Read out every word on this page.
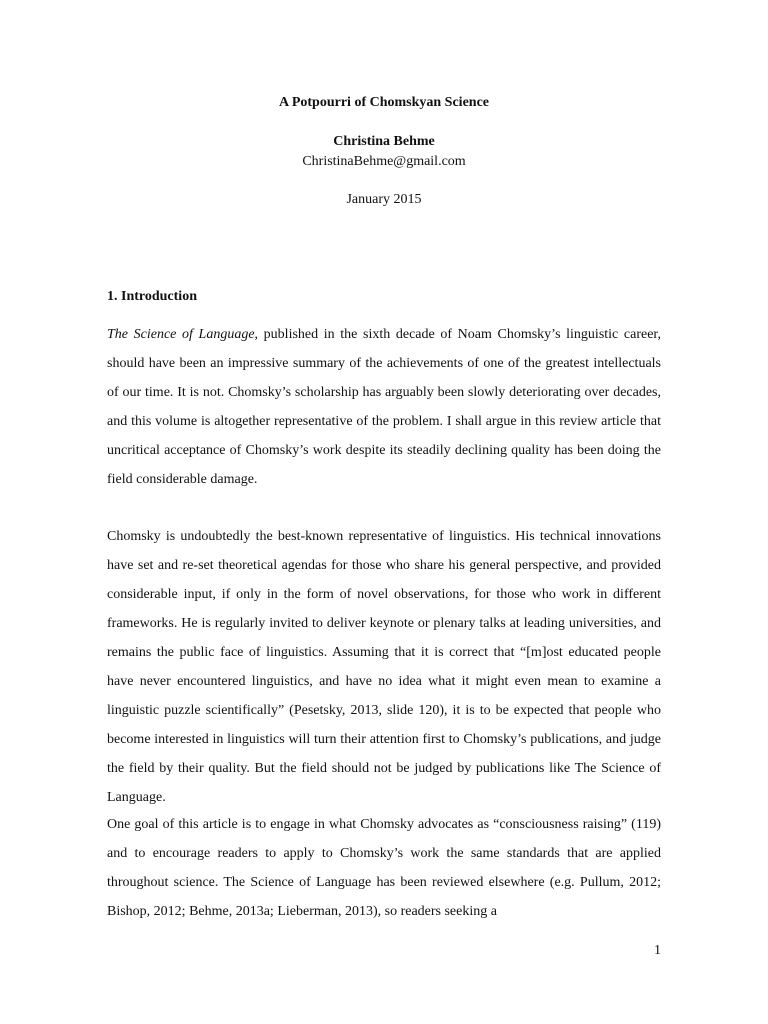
A Potpourri of Chomskyan Science
Christina Behme
ChristinaBehme@gmail.com
January 2015
1. Introduction

The Science of Language, published in the sixth decade of Noam Chomsky’s linguistic career, should have been an impressive summary of the achievements of one of the greatest intellectuals of our time. It is not. Chomsky’s scholarship has arguably been slowly deteriorating over decades, and this volume is altogether representative of the problem. I shall argue in this review article that uncritical acceptance of Chomsky’s work despite its steadily declining quality has been doing the field considerable damage.

Chomsky is undoubtedly the best-known representative of linguistics. His technical innovations have set and re-set theoretical agendas for those who share his general perspective, and provided considerable input, if only in the form of novel observations, for those who work in different frameworks. He is regularly invited to deliver keynote or plenary talks at leading universities, and remains the public face of linguistics. Assuming that it is correct that “[m]ost educated people have never encountered linguistics, and have no idea what it might even mean to examine a linguistic puzzle scientifically” (Pesetsky, 2013, slide 120), it is to be expected that people who become interested in linguistics will turn their attention first to Chomsky’s publications, and judge the field by their quality. But the field should not be judged by publications like The Science of Language.

One goal of this article is to engage in what Chomsky advocates as “consciousness raising” (119) and to encourage readers to apply to Chomsky’s work the same standards that are applied throughout science. The Science of Language has been reviewed elsewhere (e.g. Pullum, 2012; Bishop, 2012; Behme, 2013a; Lieberman, 2013), so readers seeking a

1
